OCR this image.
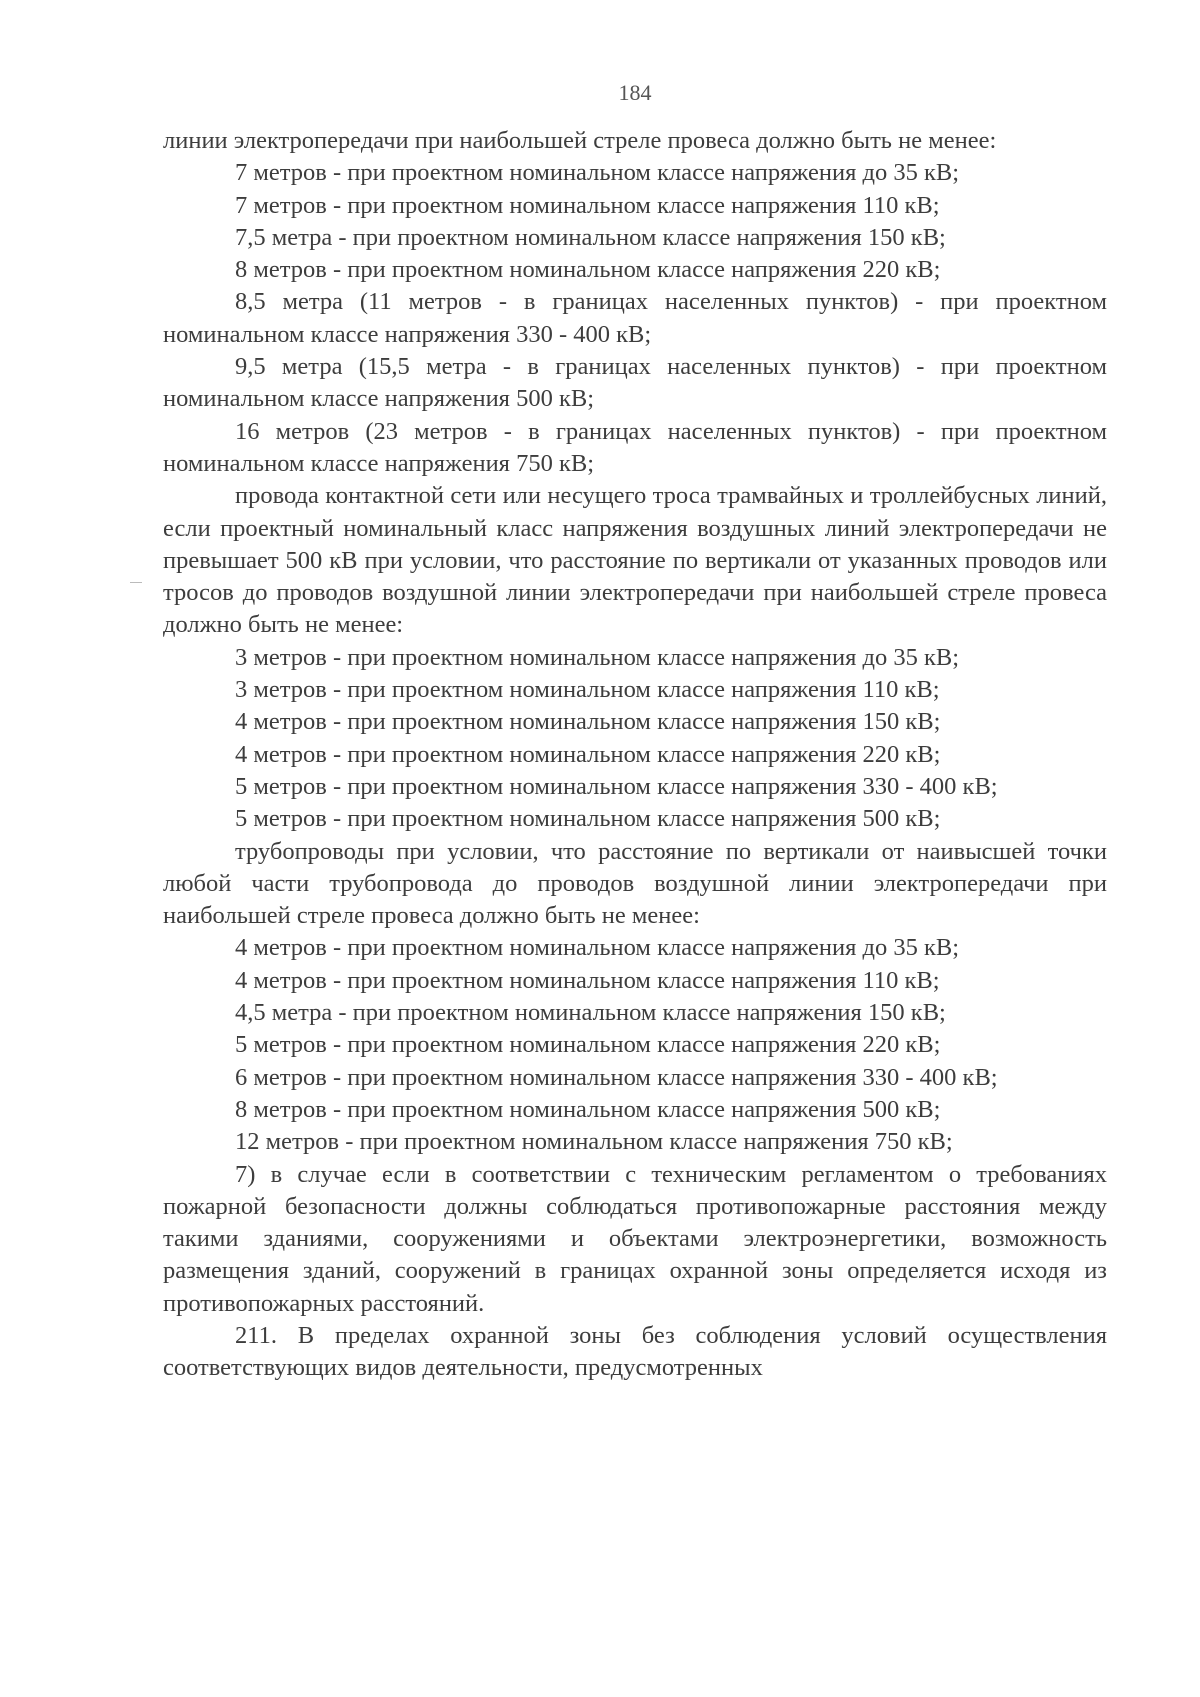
184

линии электропередачи при наибольшей стреле провеса должно быть не менее:

7 метров - при проектном номинальном классе напряжения до 35 кВ;

7 метров - при проектном номинальном классе напряжения 110 кВ;

7,5 метра - при проектном номинальном классе напряжения 150 кВ;

8 метров - при проектном номинальном классе напряжения 220 кВ;

8,5 метра (11 метров - в границах населенных пунктов) - при проектном номинальном классе напряжения 330 - 400 кВ;

9,5 метра (15,5 метра - в границах населенных пунктов) - при проектном номинальном классе напряжения 500 кВ;

16 метров (23 метров - в границах населенных пунктов) - при проектном номинальном классе напряжения 750 кВ;

провода контактной сети или несущего троса трамвайных и троллейбусных линий, если проектный номинальный класс напряжения воздушных линий электропередачи не превышает 500 кВ при условии, что расстояние по вертикали от указанных проводов или тросов до проводов воздушной линии электропередачи при наибольшей стреле провеса должно быть не менее:

3 метров - при проектном номинальном классе напряжения до 35 кВ;

3 метров - при проектном номинальном классе напряжения 110 кВ;

4 метров - при проектном номинальном классе напряжения 150 кВ;

4 метров - при проектном номинальном классе напряжения 220 кВ;

5 метров - при проектном номинальном классе напряжения 330 - 400 кВ;

5 метров - при проектном номинальном классе напряжения 500 кВ;

трубопроводы при условии, что расстояние по вертикали от наивысшей точки любой части трубопровода до проводов воздушной линии электропередачи при наибольшей стреле провеса должно быть не менее:

4 метров - при проектном номинальном классе напряжения до 35 кВ;

4 метров - при проектном номинальном классе напряжения 110 кВ;

4,5 метра - при проектном номинальном классе напряжения 150 кВ;

5 метров - при проектном номинальном классе напряжения 220 кВ;

6 метров - при проектном номинальном классе напряжения 330 - 400 кВ;

8 метров - при проектном номинальном классе напряжения 500 кВ;

12 метров - при проектном номинальном классе напряжения 750 кВ;

7) в случае если в соответствии с техническим регламентом о требованиях пожарной безопасности должны соблюдаться противопожарные расстояния между такими зданиями, сооружениями и объектами электроэнергетики, возможность размещения зданий, сооружений в границах охранной зоны определяется исходя из противопожарных расстояний.

211. В пределах охранной зоны без соблюдения условий осуществления соответствующих видов деятельности, предусмотренных
